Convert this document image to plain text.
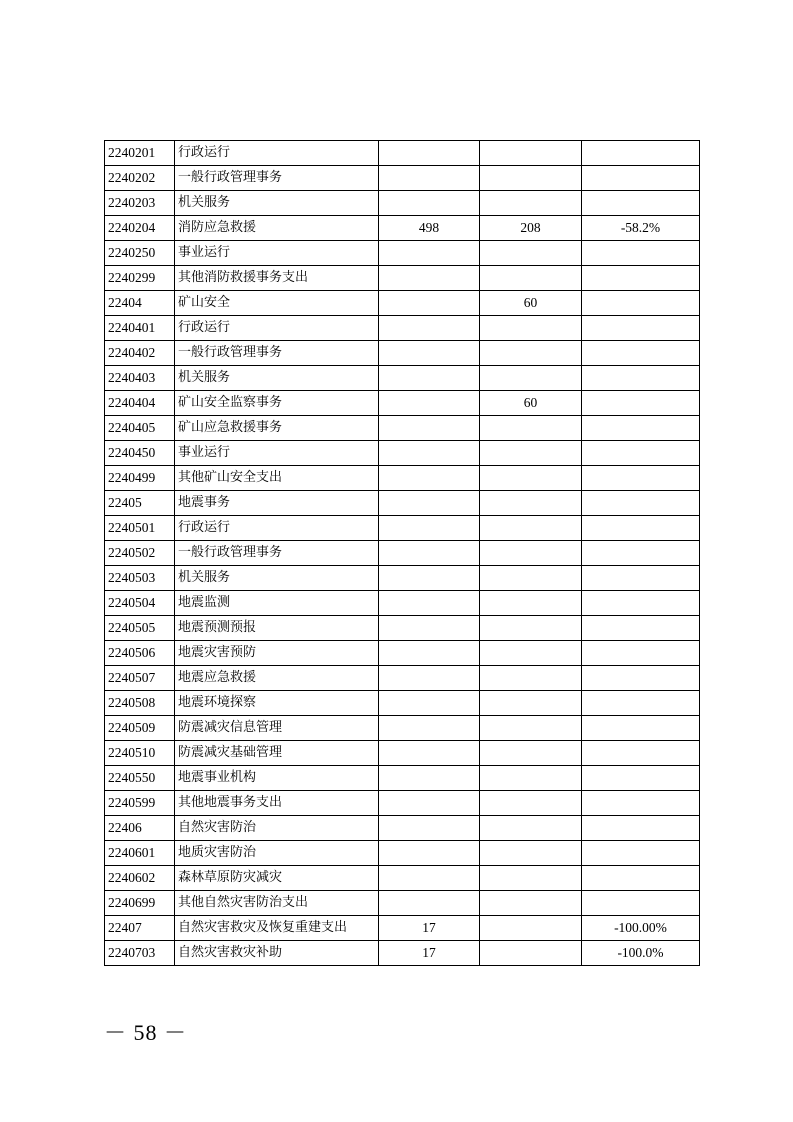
2240201	行政运行			
2240202	一般行政管理事务			
2240203	机关服务			
2240204	消防应急救援	498	208	-58.2%
2240250	事业运行			
2240299	其他消防救援事务支出			
22404	矿山安全		60	
2240401	行政运行			
2240402	一般行政管理事务			
2240403	机关服务			
2240404	矿山安全监察事务		60	
2240405	矿山应急救援事务			
2240450	事业运行			
2240499	其他矿山安全支出			
22405	地震事务			
2240501	行政运行			
2240502	一般行政管理事务			
2240503	机关服务			
2240504	地震监测			
2240505	地震预测预报			
2240506	地震灾害预防			
2240507	地震应急救援			
2240508	地震环境探察			
2240509	防震减灾信息管理			
2240510	防震减灾基础管理			
2240550	地震事业机构			
2240599	其他地震事务支出			
22406	自然灾害防治			
2240601	地质灾害防治			
2240602	森林草原防灾减灾			
2240699	其他自然灾害防治支出			
22407	自然灾害救灾及恢复重建支出	17		-100.00%
2240703	自然灾害救灾补助	17		-100.0%
－ 58 －
